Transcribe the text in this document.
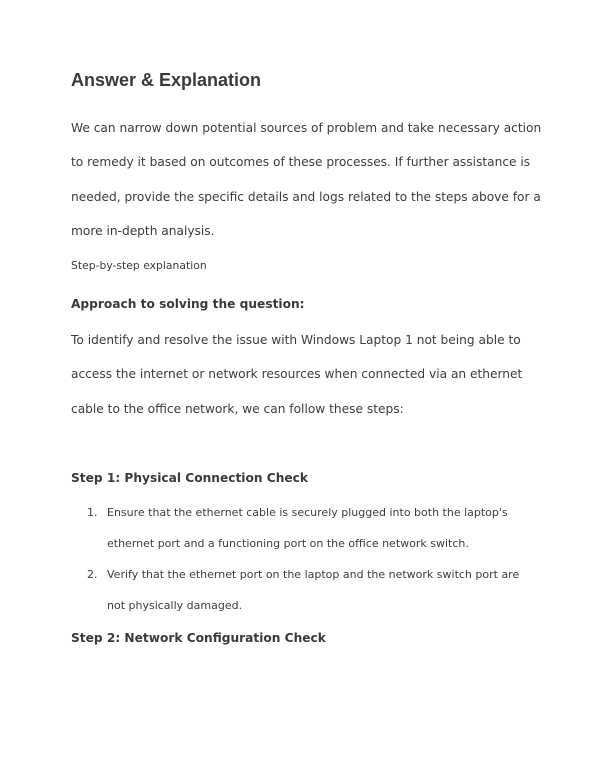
Answer & Explanation
We can narrow down potential sources of problem and take necessary action
to remedy it based on outcomes of these processes. If further assistance is
needed, provide the specific details and logs related to the steps above for a
more in-depth analysis.
Step-by-step explanation
Approach to solving the question:
To identify and resolve the issue with Windows Laptop 1 not being able to
access the internet or network resources when connected via an ethernet
cable to the office network, we can follow these steps:
Step 1: Physical Connection Check
1. Ensure that the ethernet cable is securely plugged into both the laptop's
ethernet port and a functioning port on the office network switch.
2. Verify that the ethernet port on the laptop and the network switch port are
not physically damaged.
Step 2: Network Configuration Check
